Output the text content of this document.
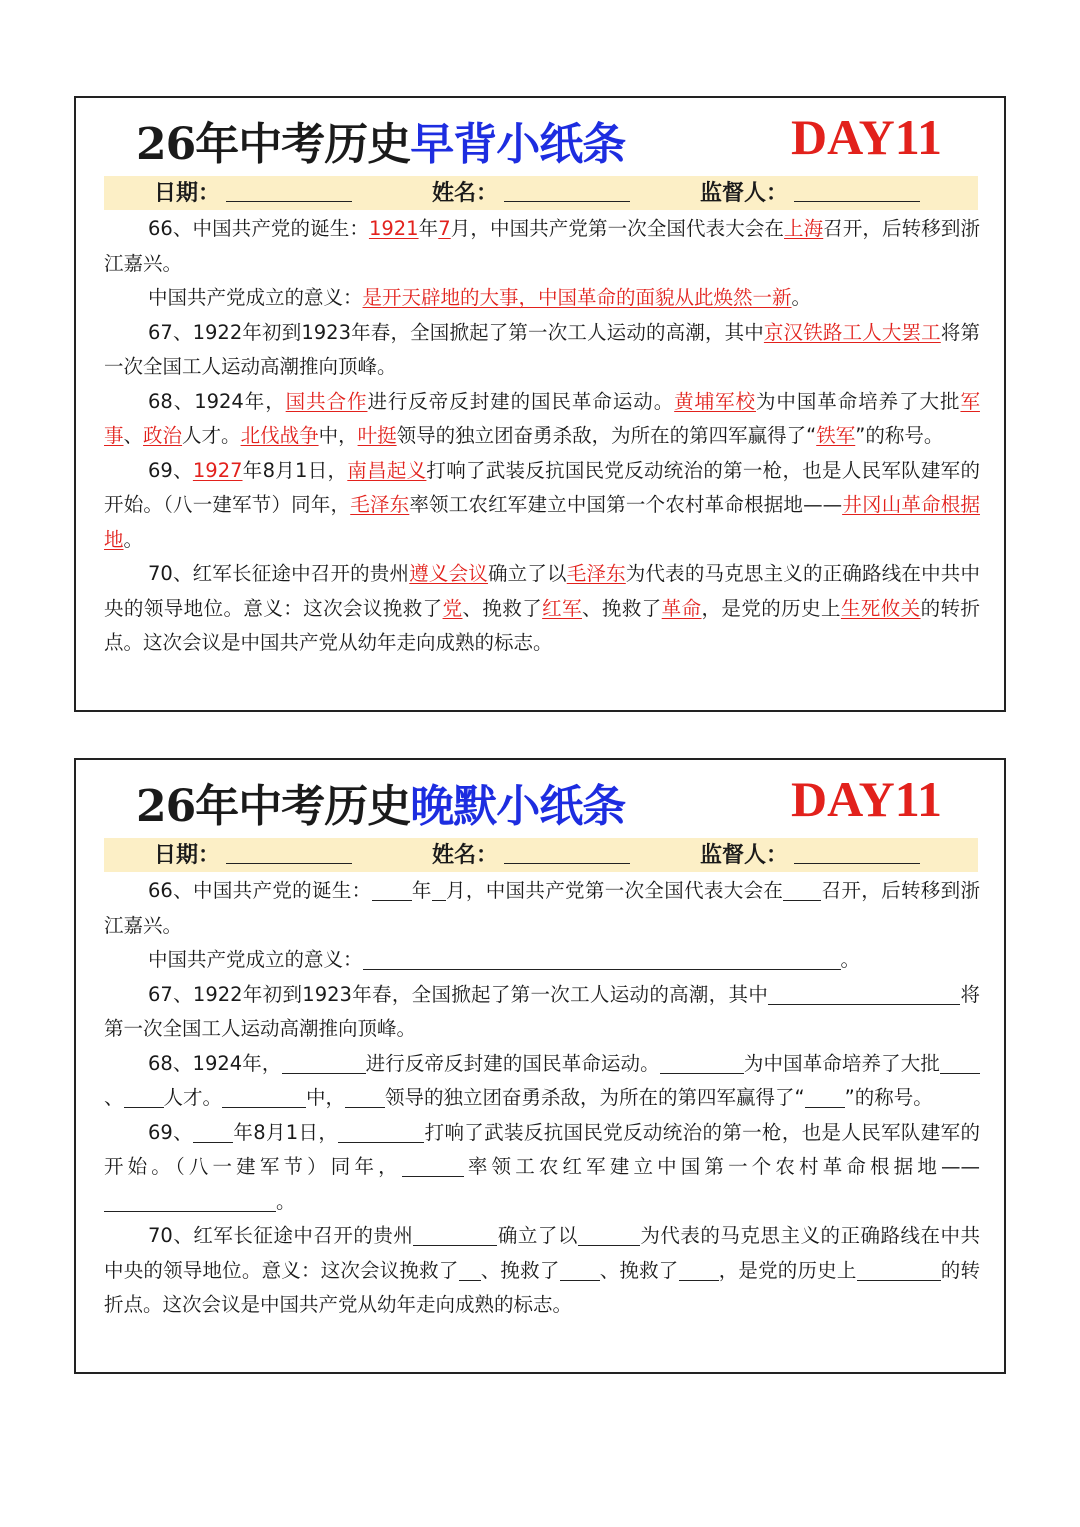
26年中考历史早背小纸条	DAY11
日期：	姓名：	监督人：

66、中国共产党的诞生：1921年7月，中国共产党第一次全国代表大会在上海召开，后转移到浙江嘉兴。

中国共产党成立的意义：是开天辟地的大事，中国革命的面貌从此焕然一新。

67、1922年初到1923年春，全国掀起了第一次工人运动的高潮，其中京汉铁路工人大罢工将第一次全国工人运动高潮推向顶峰。

68、1924年，国共合作进行反帝反封建的国民革命运动。黄埔军校为中国革命培养了大批军事、政治人才。北伐战争中，叶挺领导的独立团奋勇杀敌，为所在的第四军赢得了“铁军”的称号。

69、1927年8月1日，南昌起义打响了武装反抗国民党反动统治的第一枪，也是人民军队建军的开始。（八一建军节）同年，毛泽东率领工农红军建立中国第一个农村革命根据地——井冈山革命根据地。

70、红军长征途中召开的贵州遵义会议确立了以毛泽东为代表的马克思主义的正确路线在中共中央的领导地位。意义：这次会议挽救了党、挽救了红军、挽救了革命，是党的历史上生死攸关的转折点。这次会议是中国共产党从幼年走向成熟的标志。

26年中考历史晚默小纸条	DAY11
日期：	姓名：	监督人：

66、中国共产党的诞生： 年 月，中国共产党第一次全国代表大会在 召开，后转移到浙江嘉兴。

中国共产党成立的意义：	。

67、1922年初到1923年春，全国掀起了第一次工人运动的高潮，其中	将第一次全国工人运动高潮推向顶峰。

68、1924年，	进行反帝反封建的国民革命运动。	为中国革命培养了大批、 人才。	中， 领导的独立团奋勇杀敌，为所在的第四军赢得了“ ”的称号。

69、 年8月1日，	打响了武装反抗国民党反动统治的第一枪，也是人民军队建军的开始。（八一建军节）同年，	率领工农红军建立中国第一个农村革命根据地——。

70、红军长征途中召开的贵州	确立了以	为代表的马克思主义的正确路线在中共中央的领导地位。意义：这次会议挽救了 、挽救了 、挽救了 ，是党的历史上	的转折点。这次会议是中国共产党从幼年走向成熟的标志。
